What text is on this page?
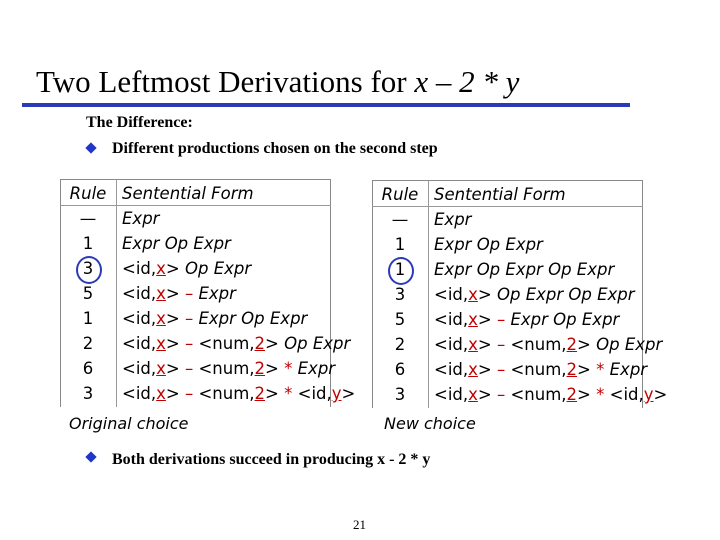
Two Leftmost Derivations for x – 2 * y
The Difference:
Different productions chosen on the second step
Rule Sentential Form
—	Expr
1	Expr Op Expr
3	<id,x> Op Expr
5	<id,x> – Expr
1	<id,x> – Expr Op Expr
2	<id,x> – <num,2> Op Expr
6	<id,x> – <num,2> * Expr
3	<id,x> – <num,2> * <id,y>
Rule Sentential Form
—	Expr
1	Expr Op Expr
1	Expr Op Expr Op Expr
3	<id,x> Op Expr Op Expr
5	<id,x> – Expr Op Expr
2	<id,x> – <num,2> Op Expr
6	<id,x> – <num,2> * Expr
3	<id,x> – <num,2> * <id,y>
Original choice	New choice
Both derivations succeed in producing x - 2 * y
21
